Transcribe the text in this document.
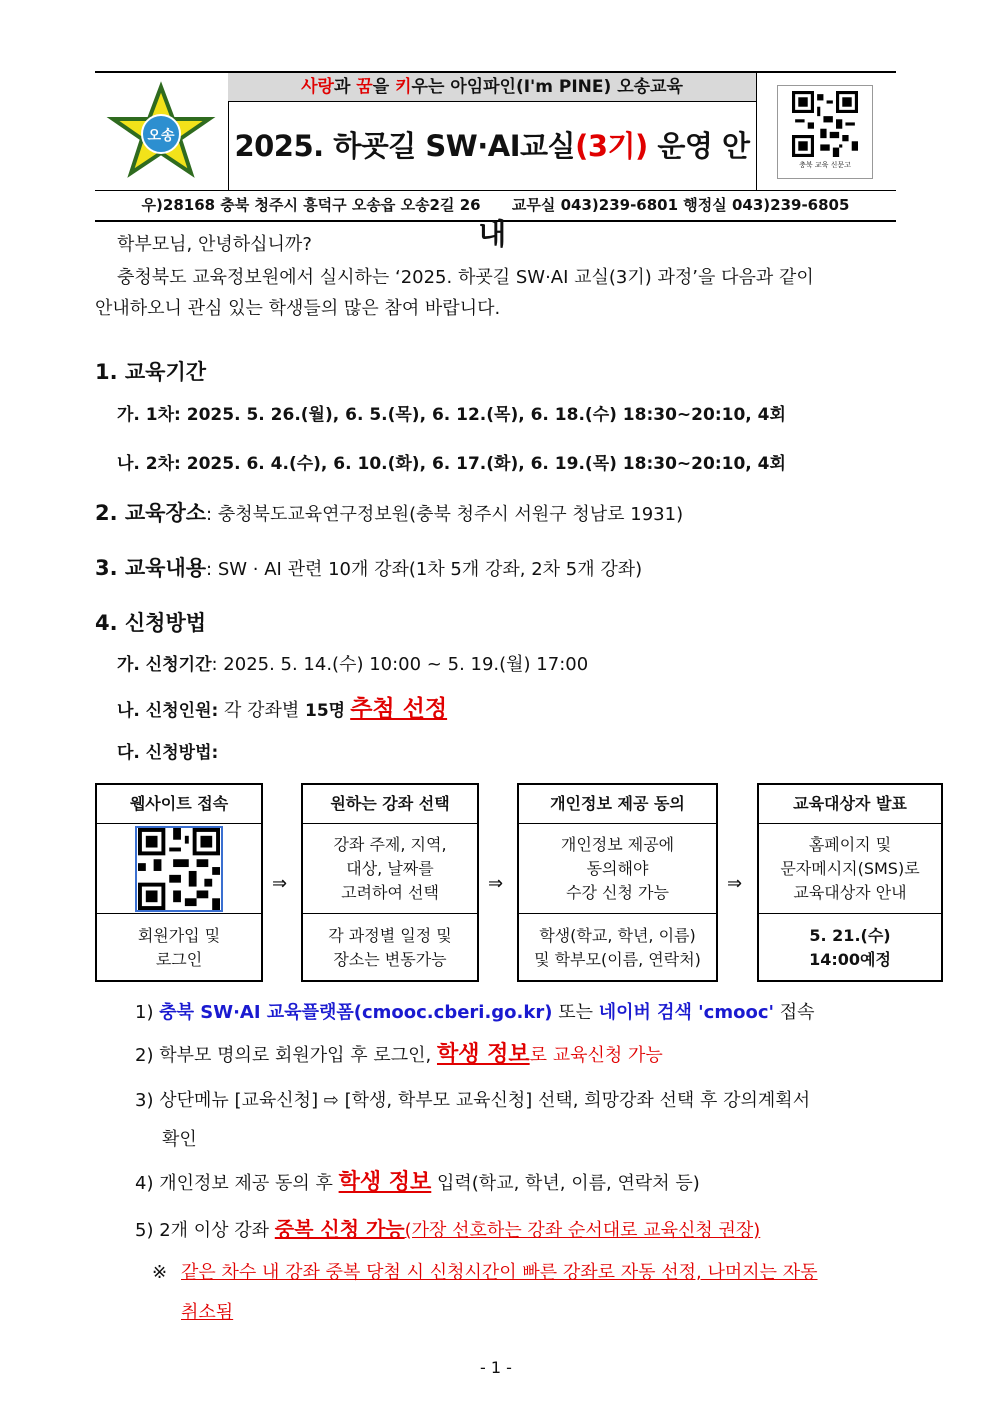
오송
사랑과 꿈을 키우는 아임파인(I'm PINE) 오송교육
2025. 하굣길 SW·AI교실(3기) 운영 안내
충북 교육 신문고
우)28168 충북 청주시 흥덕구 오송읍 오송2길 26      교무실 043)239-6801 행정실 043)239-6805
학부모님, 안녕하십니까?
충청북도 교육정보원에서 실시하는 ‘2025. 하굣길 SW·AI 교실(3기) 과정’을 다음과 같이
안내하오니 관심 있는 학생들의 많은 참여 바랍니다.
1. 교육기간
가. 1차: 2025. 5. 26.(월), 6. 5.(목), 6. 12.(목), 6. 18.(수) 18:30~20:10, 4회
나. 2차: 2025. 6. 4.(수), 6. 10.(화), 6. 17.(화), 6. 19.(목) 18:30~20:10, 4회
2. 교육장소: 충청북도교육연구정보원(충북 청주시 서원구 청남로 1931)
3. 교육내용: SW · AI 관련 10개 강좌(1차 5개 강좌, 2차 5개 강좌)
4. 신청방법
가. 신청기간: 2025. 5. 14.(수) 10:00 ~ 5. 19.(월) 17:00
나. 신청인원: 각 강좌별 15명 추첨 선정
다. 신청방법:
웹사이트 접속
회원가입 및
로그인
⇒
원하는 강좌 선택
강좌 주제, 지역,
대상, 날짜를
고려하여 선택
각 과정별 일정 및
장소는 변동가능
⇒
개인정보 제공 동의
개인정보 제공에
동의해야
수강 신청 가능
학생(학교, 학년, 이름)
및 학부모(이름, 연락처)
⇒
교육대상자 발표
홈페이지 및
문자메시지(SMS)로
교육대상자 안내
5. 21.(수)
14:00예정
1) 충북 SW·AI 교육플랫폼(cmooc.cberi.go.kr) 또는 네이버 검색 'cmooc' 접속
2) 학부모 명의로 회원가입 후 로그인, 학생 정보로 교육신청 가능
3) 상단메뉴 [교육신청] ⇨ [학생, 학부모 교육신청] 선택, 희망강좌 선택 후 강의계획서
확인
4) 개인정보 제공 동의 후 학생 정보 입력(학교, 학년, 이름, 연락처 등)
5) 2개 이상 강좌 중복 신청 가능(가장 선호하는 강좌 순서대로 교육신청 권장)
※ 같은 차수 내 강좌 중복 당첨 시 신청시간이 빠른 강좌로 자동 선정, 나머지는 자동
취소됨
- 1 -
